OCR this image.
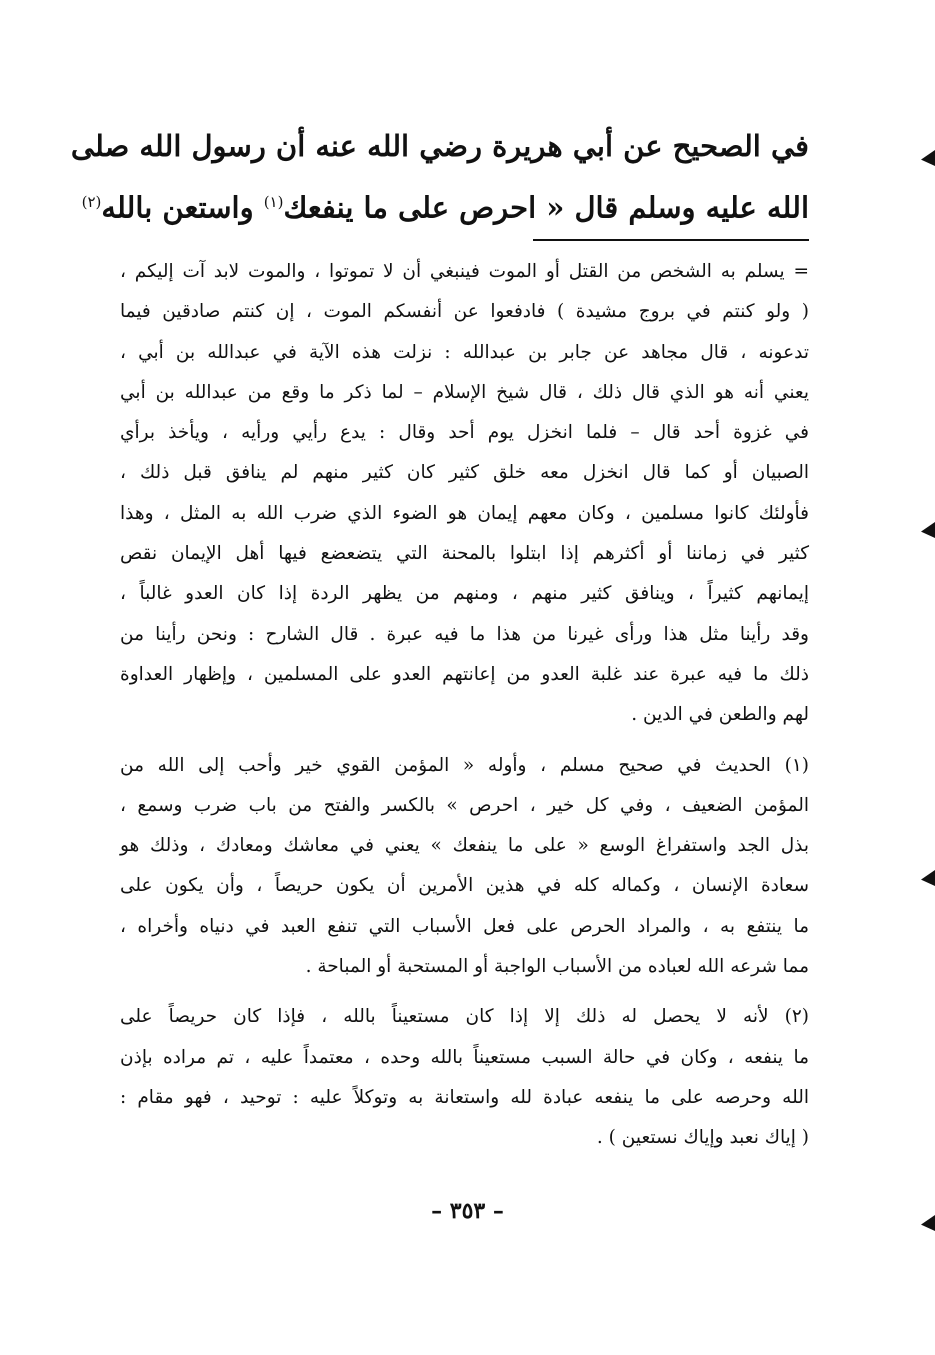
في الصحيح عن أبي هريرة رضي الله عنه أن رسول الله صلى
الله عليه وسلم قال « احرص على ما ينفعك$^{(١)}$ واستعن بالله$^{(٢)}$
= يسلم به الشخص من القتل أو الموت فينبغي أن لا تموتوا ، والموت لابد آت إليكم ،
( ولو كنتم في بروج مشيدة ) فادفعوا عن أنفسكم الموت ، إن كنتم صادقين فيما
تدعونه ، قال مجاهد عن جابر بن عبدالله : نزلت هذه الآية في عبدالله بن أبي ،
يعني أنه هو الذي قال ذلك ، قال شيخ الإسلام – لما ذكر ما وقع من عبدالله بن أبي
في غزوة أحد قال – فلما انخزل يوم أحد وقال : يدع رأيي ورأيه ، ويأخذ برأي
الصبيان أو كما قال انخزل معه خلق كثير كان كثير منهم لم ينافق قبل ذلك ،
فأولئك كانوا مسلمين ، وكان معهم إيمان هو الضوء الذي ضرب الله به المثل ، وهذا
كثير في زماننا أو أكثرهم إذا ابتلوا بالمحنة التي يتضعضع فيها أهل الإيمان نقص
إيمانهم كثيراً ، وينافق كثير منهم ، ومنهم من يظهر الردة إذا كان العدو غالباً ،
وقد رأينا مثل هذا ورأى غيرنا من هذا ما فيه عبرة . قال الشارح : ونحن رأينا من
ذلك ما فيه عبرة عند غلبة العدو من إعانتهم العدو على المسلمين ، وإظهار العداوة
لهم والطعن في الدين .
(١) الحديث في صحيح مسلم ، وأوله « المؤمن القوي خير وأحب إلى الله من
المؤمن الضعيف ، وفي كل خير ، احرص » بالكسر والفتح من باب ضرب وسمع ،
بذل الجد واستفراغ الوسع « على ما ينفعك » يعني في معاشك ومعادك ، وذلك هو
سعادة الإنسان ، وكماله كله في هذين الأمرين أن يكون حريصاً ، وأن يكون على
ما ينتفع به ، والمراد الحرص على فعل الأسباب التي تنفع العبد في دنياه وأخراه ،
مما شرعه الله لعباده من الأسباب الواجبة أو المستحبة أو المباحة .
(٢) لأنه لا يحصل له ذلك إلا إذا كان مستعيناً بالله ، فإذا كان حريصاً على
ما ينفعه ، وكان في حالة السبب مستعيناً بالله وحده ، معتمداً عليه ، تم مراده بإذن
الله وحرصه على ما ينفعه عبادة لله واستعانة به وتوكلاً عليه : توحيد ، فهو مقام :
( إياك نعبد وإياك نستعين ) .
– ٣٥٣ –
